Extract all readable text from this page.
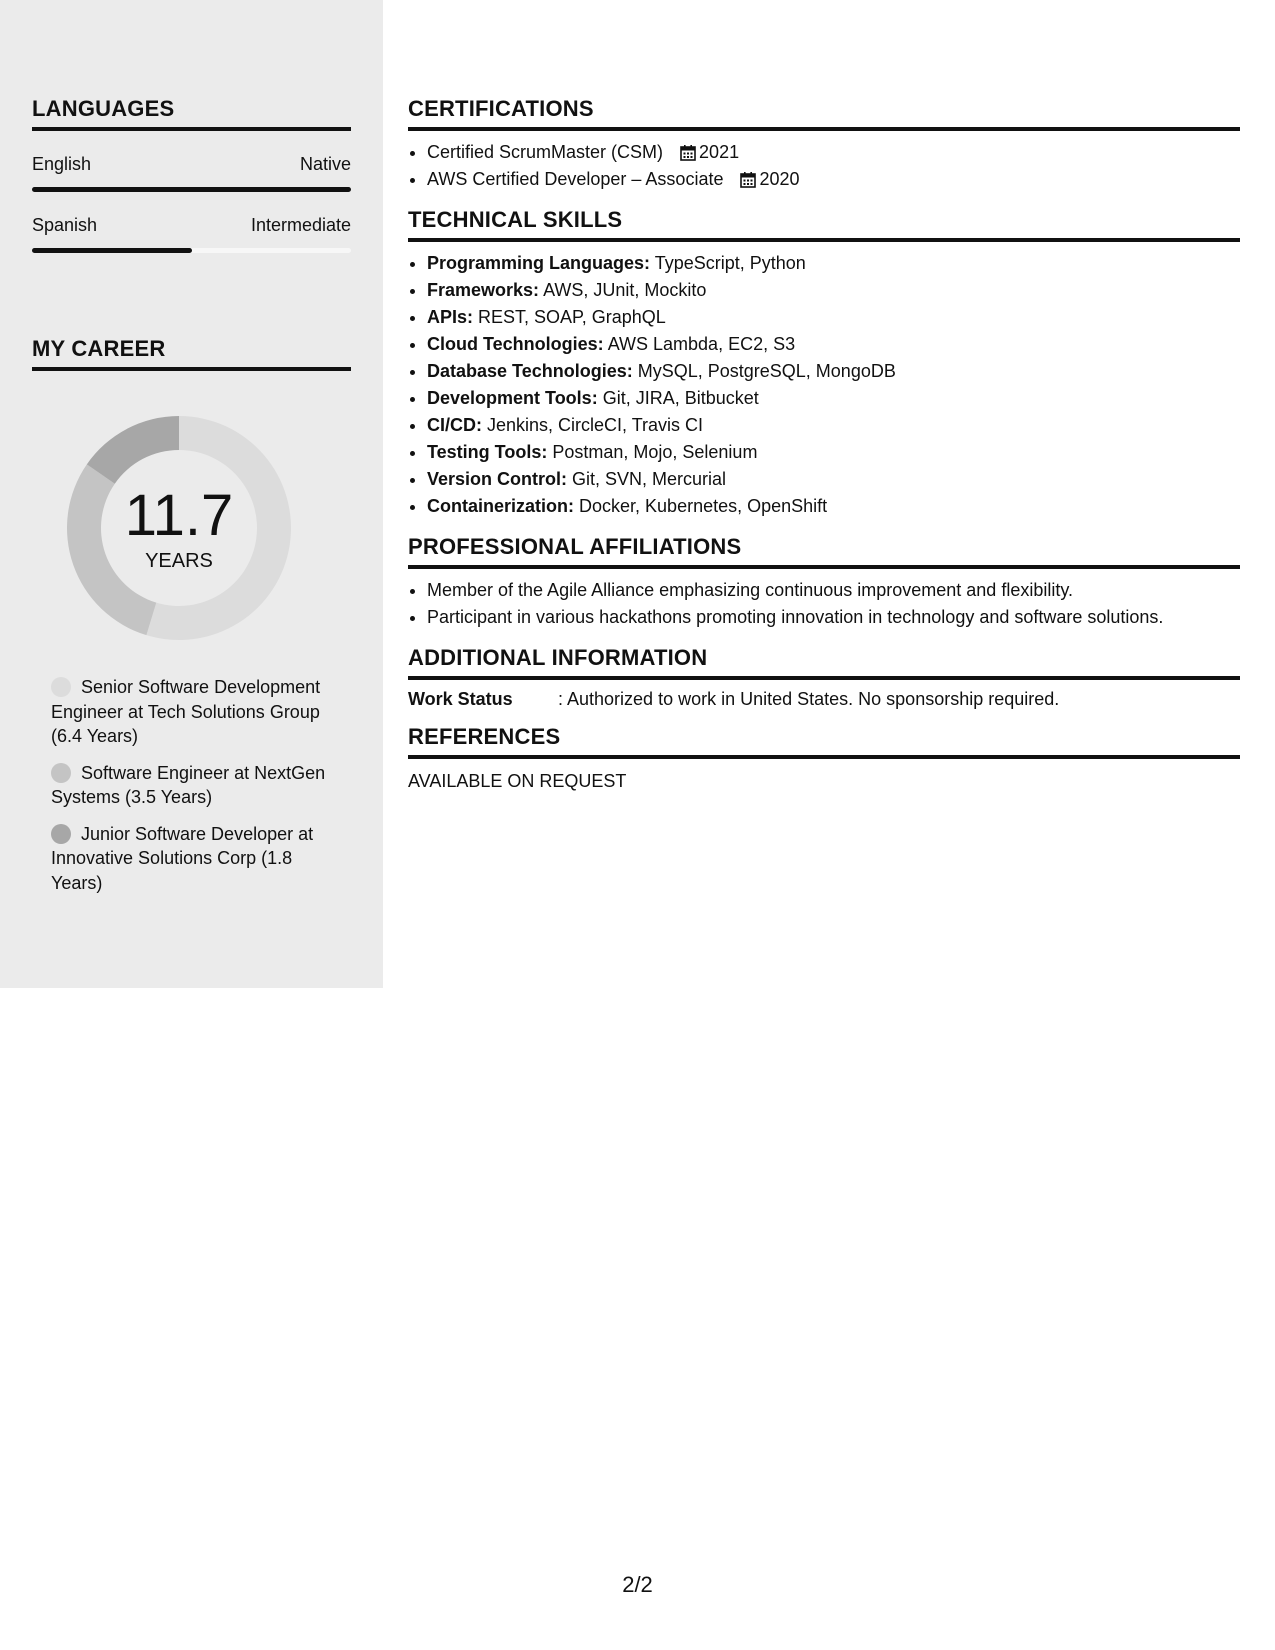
LANGUAGES
English	Native
Spanish	Intermediate
MY CAREER
11.7
YEARS
Senior Software Development Engineer at Tech Solutions Group (6.4 Years)
Software Engineer at NextGen Systems (3.5 Years)
Junior Software Developer at Innovative Solutions Corp (1.8 Years)
CERTIFICATIONS
• Certified ScrumMaster (CSM) 2021
• AWS Certified Developer – Associate 2020
TECHNICAL SKILLS
• Programming Languages: TypeScript, Python
• Frameworks: AWS, JUnit, Mockito
• APIs: REST, SOAP, GraphQL
• Cloud Technologies: AWS Lambda, EC2, S3
• Database Technologies: MySQL, PostgreSQL, MongoDB
• Development Tools: Git, JIRA, Bitbucket
• CI/CD: Jenkins, CircleCI, Travis CI
• Testing Tools: Postman, Mojo, Selenium
• Version Control: Git, SVN, Mercurial
• Containerization: Docker, Kubernetes, OpenShift
PROFESSIONAL AFFILIATIONS
• Member of the Agile Alliance emphasizing continuous improvement and flexibility.
• Participant in various hackathons promoting innovation in technology and software solutions.
ADDITIONAL INFORMATION
Work Status	: Authorized to work in United States. No sponsorship required.
REFERENCES
AVAILABLE ON REQUEST
2/2
